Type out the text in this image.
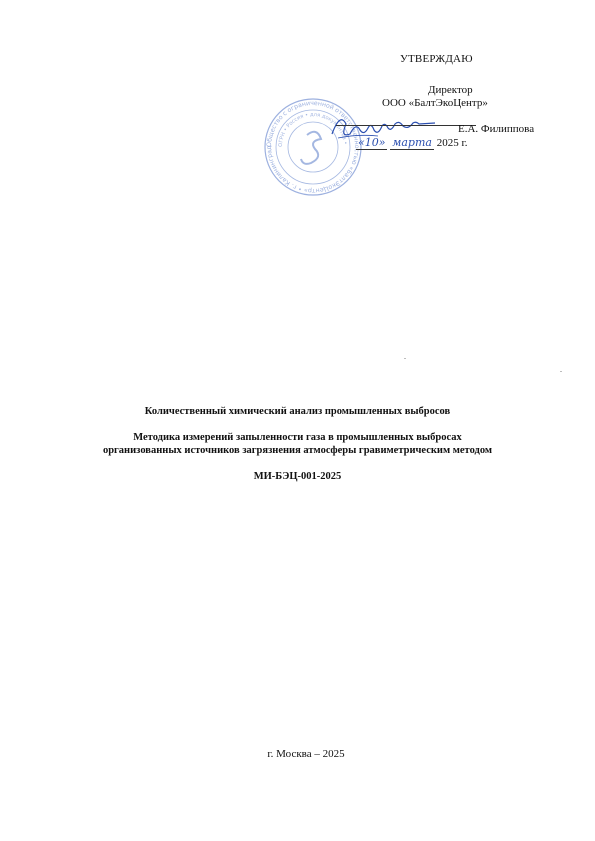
Общество с ограниченной ответственностью «БалтЭкоЦентр» • г. Калининград
ОГРН • Россия • для документов •
УТВЕРЖДАЮ
Директор
ООО «БалтЭкоЦентр»
Е.А. Филиппова
«10» марта 2025 г.
Количественный химический анализ промышленных выбросов
Методика измерений запыленности газа в промышленных выбросах
организованных источников загрязнения атмосферы гравиметрическим методом
МИ-БЭЦ-001-2025
г. Москва – 2025
